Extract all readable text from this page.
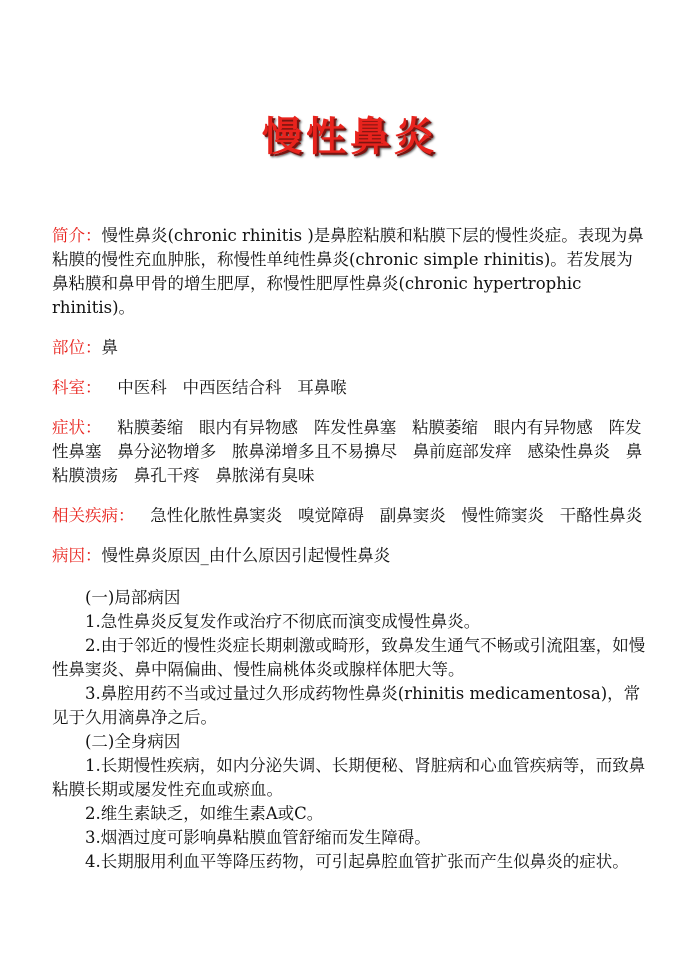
慢性鼻炎

简介：慢性鼻炎(chronic rhinitis )是鼻腔粘膜和粘膜下层的慢性炎症。表现为鼻粘膜的慢性充血肿胀，称慢性单纯性鼻炎(chronic simple rhinitis)。若发展为鼻粘膜和鼻甲骨的增生肥厚，称慢性肥厚性鼻炎(chronic hypertrophic rhinitis)。

部位：鼻

科室： 中医科 中西医结合科 耳鼻喉

症状： 粘膜萎缩 眼内有异物感 阵发性鼻塞 粘膜萎缩 眼内有异物感 阵发性鼻塞 鼻分泌物增多 脓鼻涕增多且不易擤尽 鼻前庭部发痒 感染性鼻炎 鼻粘膜溃疡 鼻孔干疼 鼻脓涕有臭味

相关疾病： 急性化脓性鼻窦炎 嗅觉障碍 副鼻窦炎 慢性筛窦炎 干酪性鼻炎

病因：慢性鼻炎原因_由什么原因引起慢性鼻炎

(一)局部病因

1.急性鼻炎反复发作或治疗不彻底而演变成慢性鼻炎。

2.由于邻近的慢性炎症长期刺激或畸形，致鼻发生通气不畅或引流阻塞，如慢性鼻窦炎、鼻中隔偏曲、慢性扁桃体炎或腺样体肥大等。

3.鼻腔用药不当或过量过久形成药物性鼻炎(rhinitis medicamentosa)，常见于久用滴鼻净之后。

(二)全身病因

1.长期慢性疾病，如内分泌失调、长期便秘、肾脏病和心血管疾病等，而致鼻粘膜长期或屡发性充血或瘀血。

2.维生素缺乏，如维生素A或C。

3.烟酒过度可影响鼻粘膜血管舒缩而发生障碍。

4.长期服用利血平等降压药物，可引起鼻腔血管扩张而产生似鼻炎的症状。
